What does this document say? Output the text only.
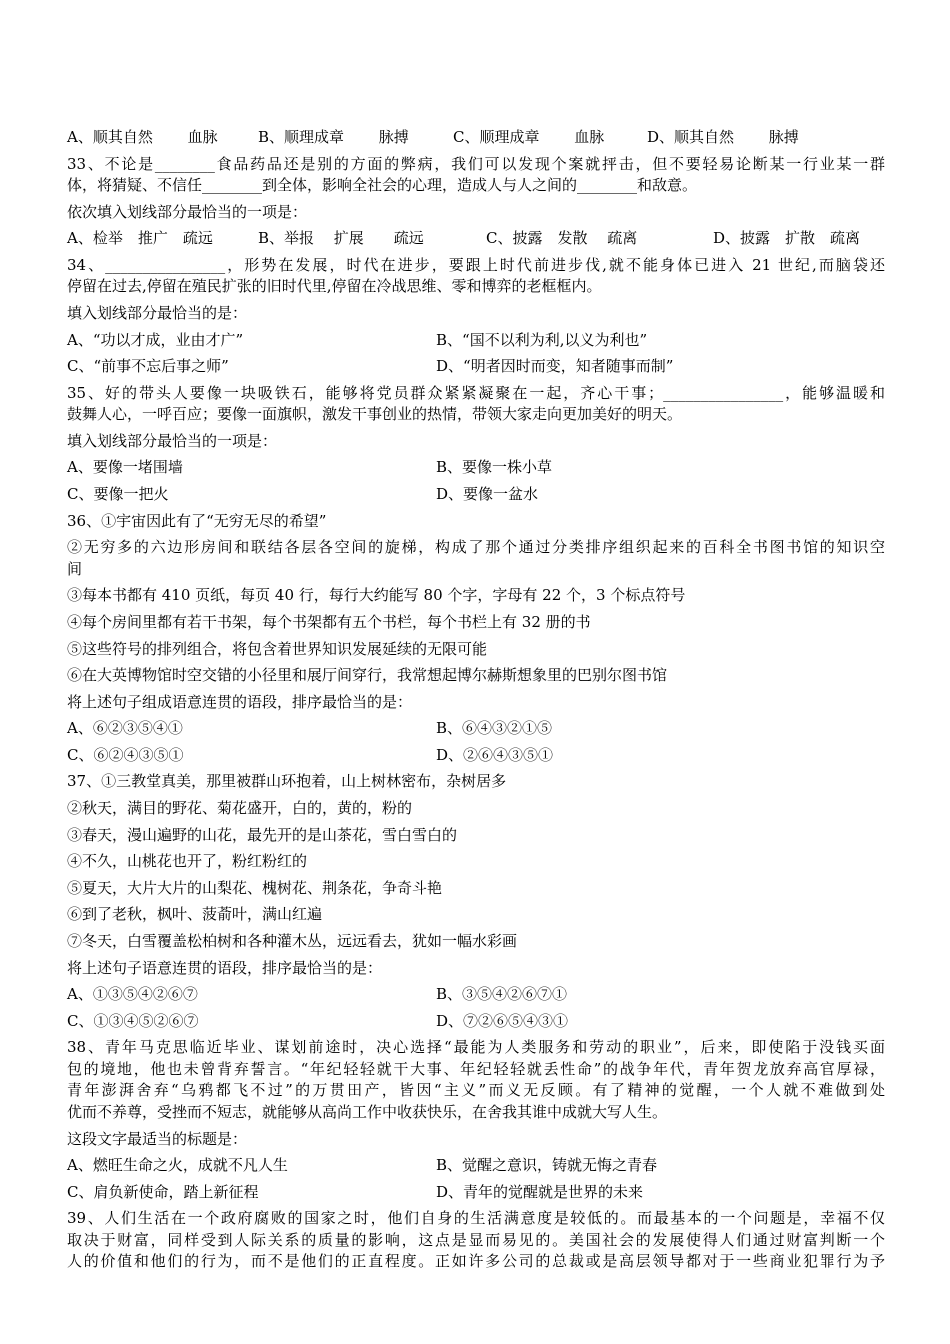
A、顺其自然　　 血脉

	B、顺理成章　　 脉搏

	C、顺理成章　　 血脉

	D、顺其自然　　 脉搏

33、不论是________食品药品还是别的方面的弊病，我们可以发现个案就抨击，但不要轻易论断某一行业某一群
体，将猜疑、不信任________到全体，影响全社会的心理，造成人与人之间的________和敌意。
依次填入划线部分最恰当的一项是：

A、检举　推广　疏远

	B、举报　 扩展　　疏远

	C、披露　发散　 疏离

	D、披露　扩散　疏离

34、________________，形势在发展，时代在进步，要跟上时代前进步伐,就不能身体已进入 21 世纪,而脑袋还
停留在过去,停留在殖民扩张的旧时代里,停留在冷战思维、零和博弈的老框框内。
填入划线部分最恰当的是：

A、“功以才成，业由才广”

	B、“国不以利为利,以义为利也”

C、“前事不忘后事之师”

	D、“明者因时而变，知者随事而制”

35、好的带头人要像一块吸铁石，能够将党员群众紧紧凝聚在一起，齐心干事；________________，能够温暖和
鼓舞人心，一呼百应；要像一面旗帜，激发干事创业的热情，带领大家走向更加美好的明天。
填入划线部分最恰当的一项是：

A、要像一堵围墙

	B、要像一株小草

C、要像一把火

	D、要像一盆水

36、①宇宙因此有了“无穷无尽的希望”
②无穷多的六边形房间和联结各层各空间的旋梯，构成了那个通过分类排序组织起来的百科全书图书馆的知识空
间
③每本书都有 410 页纸，每页 40 行，每行大约能写 80 个字，字母有 22 个，3 个标点符号
④每个房间里都有若干书架，每个书架都有五个书栏，每个书栏上有 32 册的书
⑤这些符号的排列组合，将包含着世界知识发展延续的无限可能
⑥在大英博物馆时空交错的小径里和展厅间穿行，我常想起博尔赫斯想象里的巴别尔图书馆
将上述句子组成语意连贯的语段，排序最恰当的是：

A、⑥②③⑤④①

	B、⑥④③②①⑤

C、⑥②④③⑤①

	D、②⑥④③⑤①

37、①三教堂真美，那里被群山环抱着，山上树林密布，杂树居多
②秋天，满目的野花、菊花盛开，白的，黄的，粉的
③春天，漫山遍野的山花，最先开的是山茶花，雪白雪白的
④不久，山桃花也开了，粉红粉红的
⑤夏天，大片大片的山梨花、槐树花、荆条花，争奇斗艳
⑥到了老秋，枫叶、菠萮叶，满山红遍
⑦冬天，白雪覆盖松柏树和各种灌木丛，远远看去，犹如一幅水彩画
将上述句子语意连贯的语段，排序最恰当的是：

A、①③⑤④②⑥⑦

	B、③⑤④②⑥⑦①

C、①③④⑤②⑥⑦

	D、⑦②⑥⑤④③①

38、青年马克思临近毕业、谋划前途时，决心选择“最能为人类服务和劳动的职业”，后来，即使陷于没钱买面
包的境地，他也未曾背弃誓言。“年纪轻轻就干大事、年纪轻轻就丢性命”的战争年代，青年贺龙放弃高官厚禄，
青年澎湃舍弃“乌鸦都飞不过”的万贯田产，皆因“主义”而义无反顾。有了精神的觉醒，一个人就不难做到处
优而不养尊，受挫而不短志，就能够从高尚工作中收获快乐，在舍我其谁中成就大写人生。
这段文字最适当的标题是：

A、燃旺生命之火，成就不凡人生

	B、觉醒之意识，铸就无悔之青春

C、肩负新使命，踏上新征程

	D、青年的觉醒就是世界的未来

39、人们生活在一个政府腐败的国家之时，他们自身的生活满意度是较低的。而最基本的一个问题是，幸福不仅
取决于财富，同样受到人际关系的质量的影响，这点是显而易见的。美国社会的发展使得人们通过财富判断一个
人的价值和他们的行为，而不是他们的正直程度。正如许多公司的总裁或是高层领导都对于一些商业犯罪行为予
